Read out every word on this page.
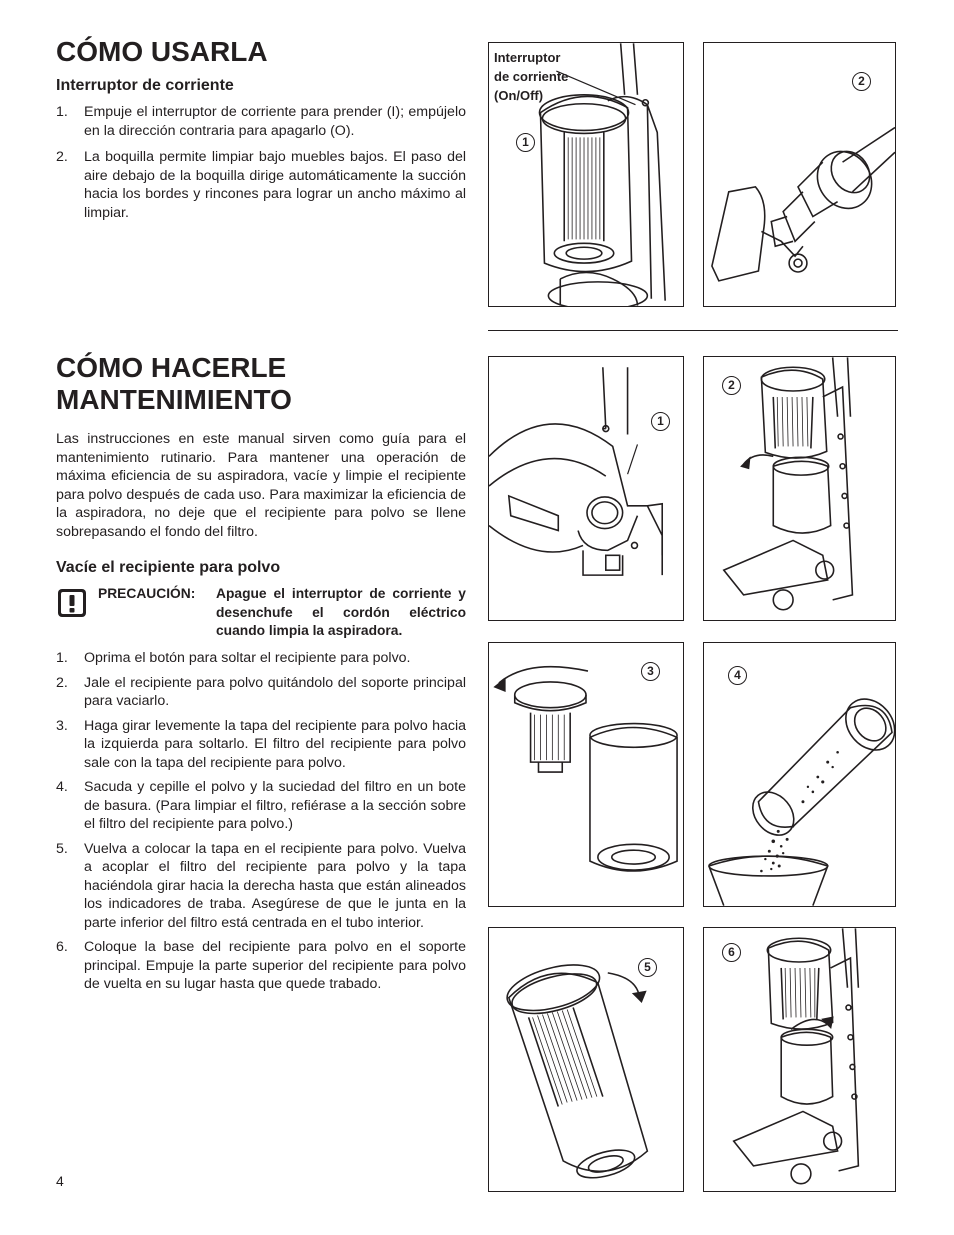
CÓMO USARLA
Interruptor de corriente
1. Empuje el interruptor de corriente para prender (I); empújelo en la dirección contraria para apagarlo (O).
2. La boquilla permite limpiar bajo muebles bajos. El paso del aire debajo de la boquilla dirige automáticamente la succión hacia los bordes y rincones para lograr un ancho máximo al limpiar.
Interruptor
de corriente
(On/Off)
1
2
CÓMO HACERLE
MANTENIMIENTO
Las instrucciones en este manual sirven como guía para el mantenimiento rutinario. Para mantener una operación de máxima eficiencia de su aspiradora, vacíe y limpie el recipiente para polvo después de cada uso. Para maximizar la eficiencia de la aspiradora, no deje que el recipiente para polvo se llene sobrepasando el fondo del filtro.
Vacíe el recipiente para polvo
PRECAUCIÓN:	Apague el interruptor de corriente y desenchufe el cordón eléctrico cuando limpia la aspiradora.
1. Oprima el botón para soltar el recipiente para polvo.
2. Jale el recipiente para polvo quitándolo del soporte principal para vaciarlo.
3. Haga girar levemente la tapa del recipiente para polvo hacia la izquierda para soltarlo. El filtro del recipiente para polvo sale con la tapa del recipiente para polvo.
4. Sacuda y cepille el polvo y la suciedad del filtro en un bote de basura. (Para limpiar el filtro, refiérase a la sección sobre el filtro del recipiente para polvo.)
5. Vuelva a colocar la tapa en el recipiente para polvo. Vuelva a acoplar el filtro del recipiente para polvo y la tapa haciéndola girar hacia la derecha hasta que están alineados los indicadores de traba. Asegúrese de que le junta en la parte inferior del filtro está centrada en el tubo interior.
6. Coloque la base del recipiente para polvo en el soporte principal. Empuje la parte superior del recipiente para polvo de vuelta en su lugar hasta que quede trabado.
1
2
3	4
5
6
4
